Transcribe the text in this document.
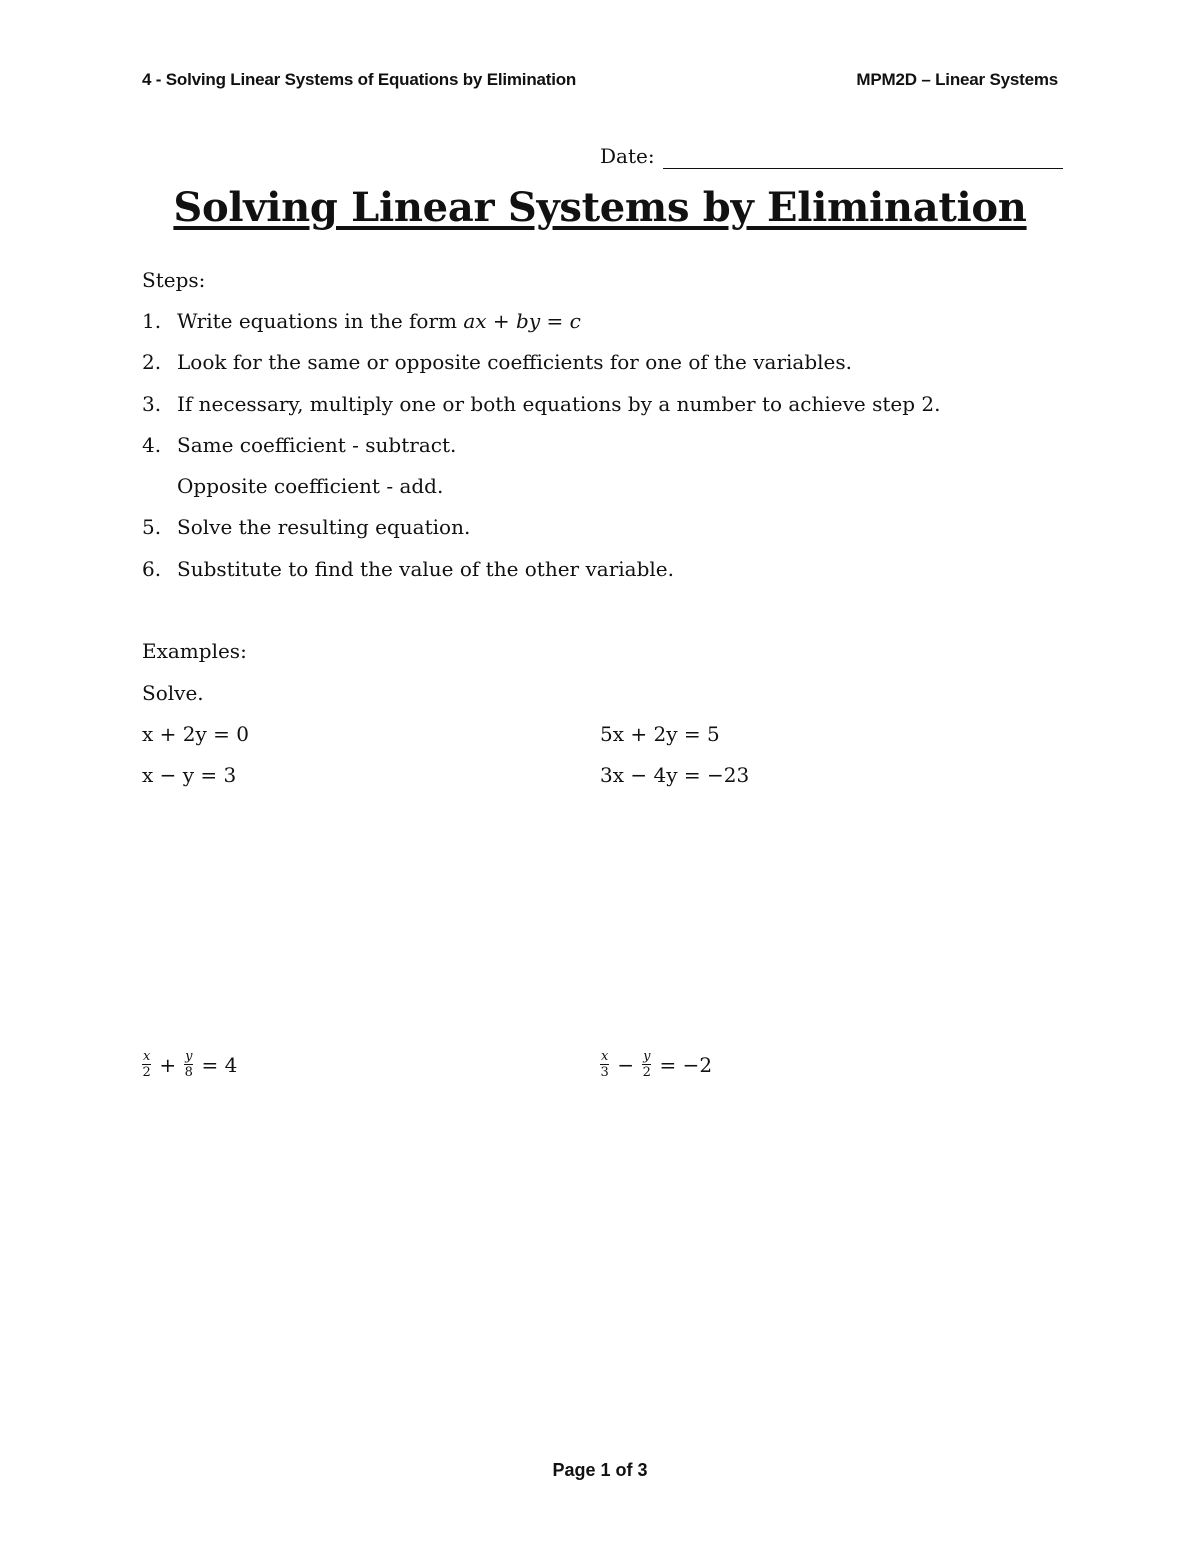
4 - Solving Linear Systems of Equations by Elimination	MPM2D – Linear Systems
Date:
Solving Linear Systems by Elimination
Steps:
1. Write equations in the form ax + by = c
2. Look for the same or opposite coefficients for one of the variables.
3. If necessary, multiply one or both equations by a number to achieve step 2.
4. Same coefficient - subtract.
Opposite coefficient - add.
5. Solve the resulting equation.
6. Substitute to find the value of the other variable.
Examples:
Solve.
x + 2y = 0
x − y = 3
5x + 2y = 5
3x − 4y = −23
$\frac{x}{2} + \frac{y}{8} = 4$	$\frac{x}{3} - \frac{y}{2} = -2$
Page 1 of 3
